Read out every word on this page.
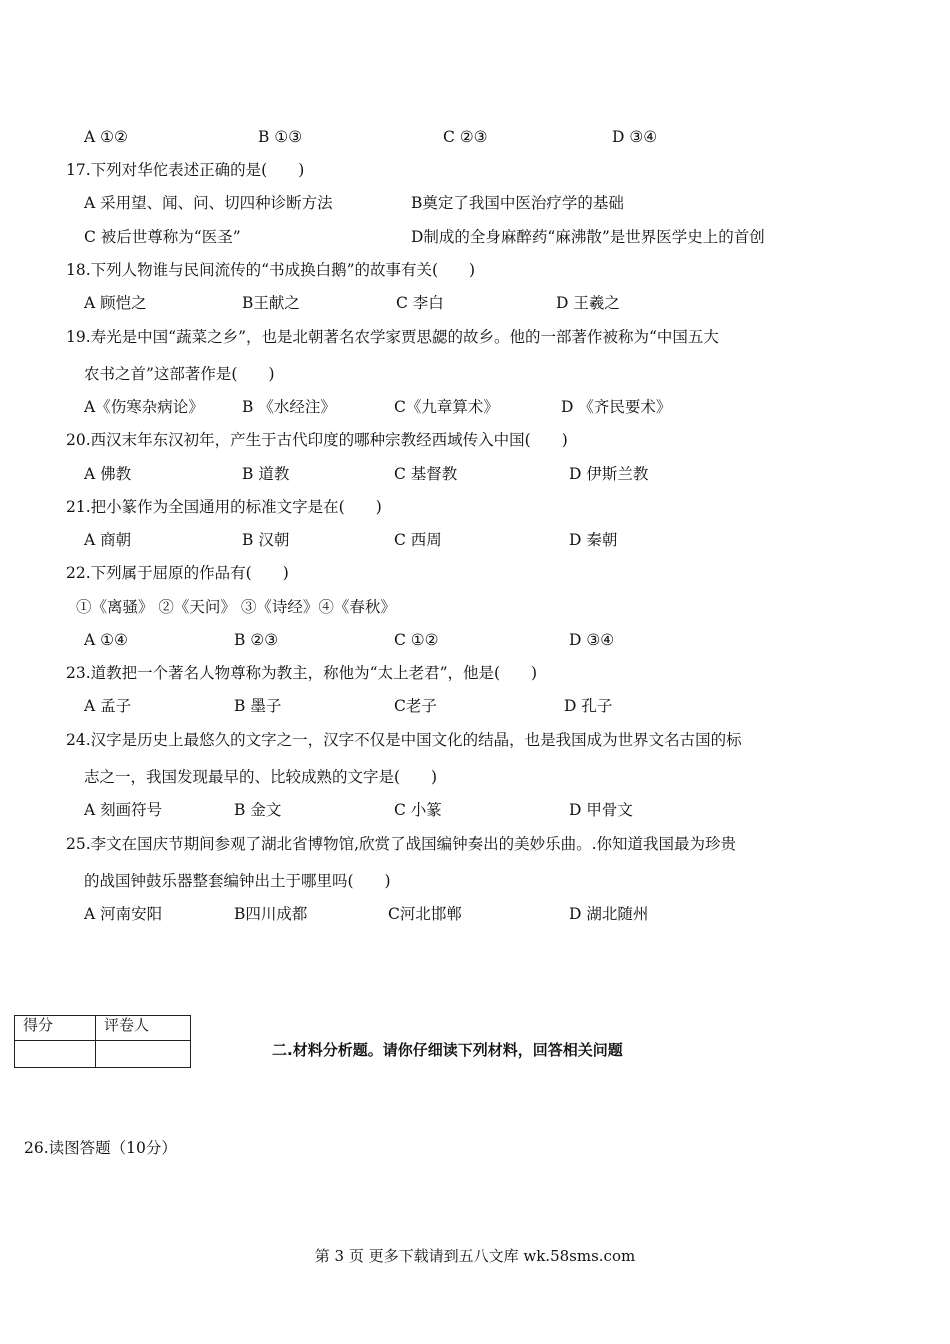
A ①②	B ①③	C ②③	D ③④
17.下列对华佗表述正确的是(　　)
A 采用望、闻、问、切四种诊断方法	B奠定了我国中医治疗学的基础
C 被后世尊称为“医圣”	D制成的全身麻醉药“麻沸散”是世界医学史上的首创
18.下列人物谁与民间流传的“书成换白鹅”的故事有关(　　)
A 顾恺之	B王献之	C 李白	D 王羲之
19.寿光是中国“蔬菜之乡”，也是北朝著名农学家贾思勰的故乡。他的一部著作被称为“中国五大
农书之首”这部著作是(　　)
A《伤寒杂病论》 B 《水经注》	C《九章算术》	D 《齐民要术》
20.西汉末年东汉初年，产生于古代印度的哪种宗教经西域传入中国(　　)
A 佛教	B 道教	C 基督教	D 伊斯兰教
21.把小篆作为全国通用的标准文字是在(　　)
A 商朝	B 汉朝	C 西周	D 秦朝
22.下列属于屈原的作品有(　　)
①《离骚》 ②《天问》 ③《诗经》④《春秋》
A ①④	B ②③	C ①②	D ③④
23.道教把一个著名人物尊称为教主，称他为“太上老君”，他是(　　)
A 孟子	B 墨子	C老子	D 孔子
24.汉字是历史上最悠久的文字之一，汉字不仅是中国文化的结晶，也是我国成为世界文名古国的标
志之一，我国发现最早的、比较成熟的文字是(　　)
A 刻画符号	B 金文	C 小篆	D 甲骨文
25.李文在国庆节期间参观了湖北省博物馆,欣赏了战国编钟奏出的美妙乐曲。.你知道我国最为珍贵
的战国钟鼓乐器整套编钟出土于哪里吗(　　)
A 河南安阳	B四川成都	C河北邯郸	D 湖北随州
得分	评卷人

二.材料分析题。请你仔细读下列材料，回答相关问题
26.读图答题（10分）
第 3 页 更多下载请到五八文库 wk.58sms.com
